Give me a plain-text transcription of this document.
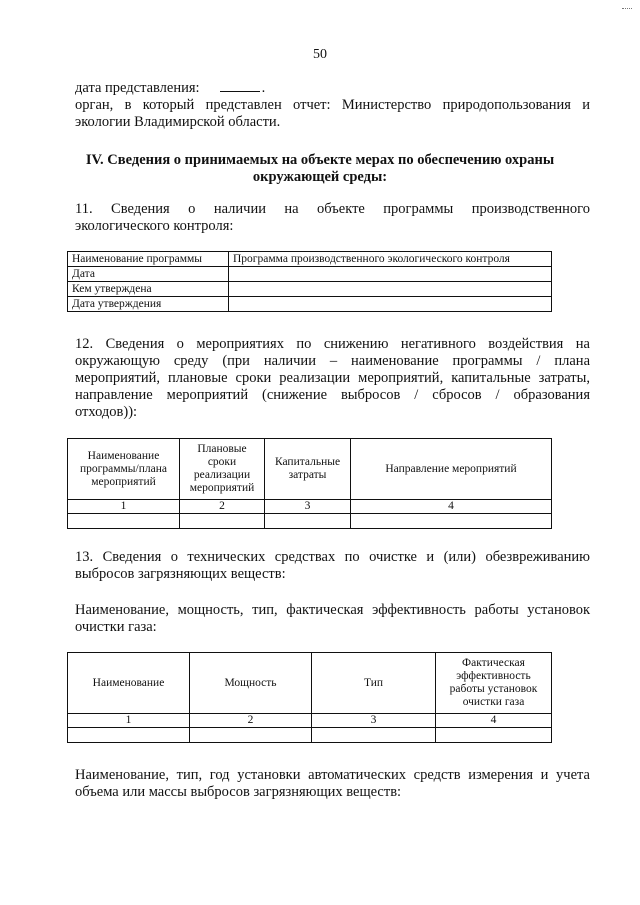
50
дата представления:	.
орган, в который представлен отчет: Министерство природопользования и
экологии Владимирской области.
IV. Сведения о принимаемых на объекте мерах по обеспечению охраны
окружающей среды:
11. Сведения о наличии на объекте программы производственного
экологического контроля:
Наименование программы	Программа производственного экологического контроля
Дата	
Кем утверждена	
Дата утверждения	
12. Сведения о мероприятиях по снижению негативного воздействия на
окружающую среду (при наличии – наименование программы / плана
мероприятий, плановые сроки реализации мероприятий, капитальные затраты,
направление мероприятий (снижение выбросов / сбросов / образования
отходов)):
Наименование программы/плана мероприятий	Плановые сроки реализации мероприятий	Капитальные затраты	Направление мероприятий
1	2	3	4

13. Сведения о технических средствах по очистке и (или) обезвреживанию
выбросов загрязняющих веществ:
Наименование, мощность, тип, фактическая эффективность работы установок
очистки газа:
Наименование	Мощность	Тип	Фактическая эффективность работы установок очистки газа
1	2	3	4

Наименование, тип, год установки автоматических средств измерения и учета
объема или массы выбросов загрязняющих веществ:
